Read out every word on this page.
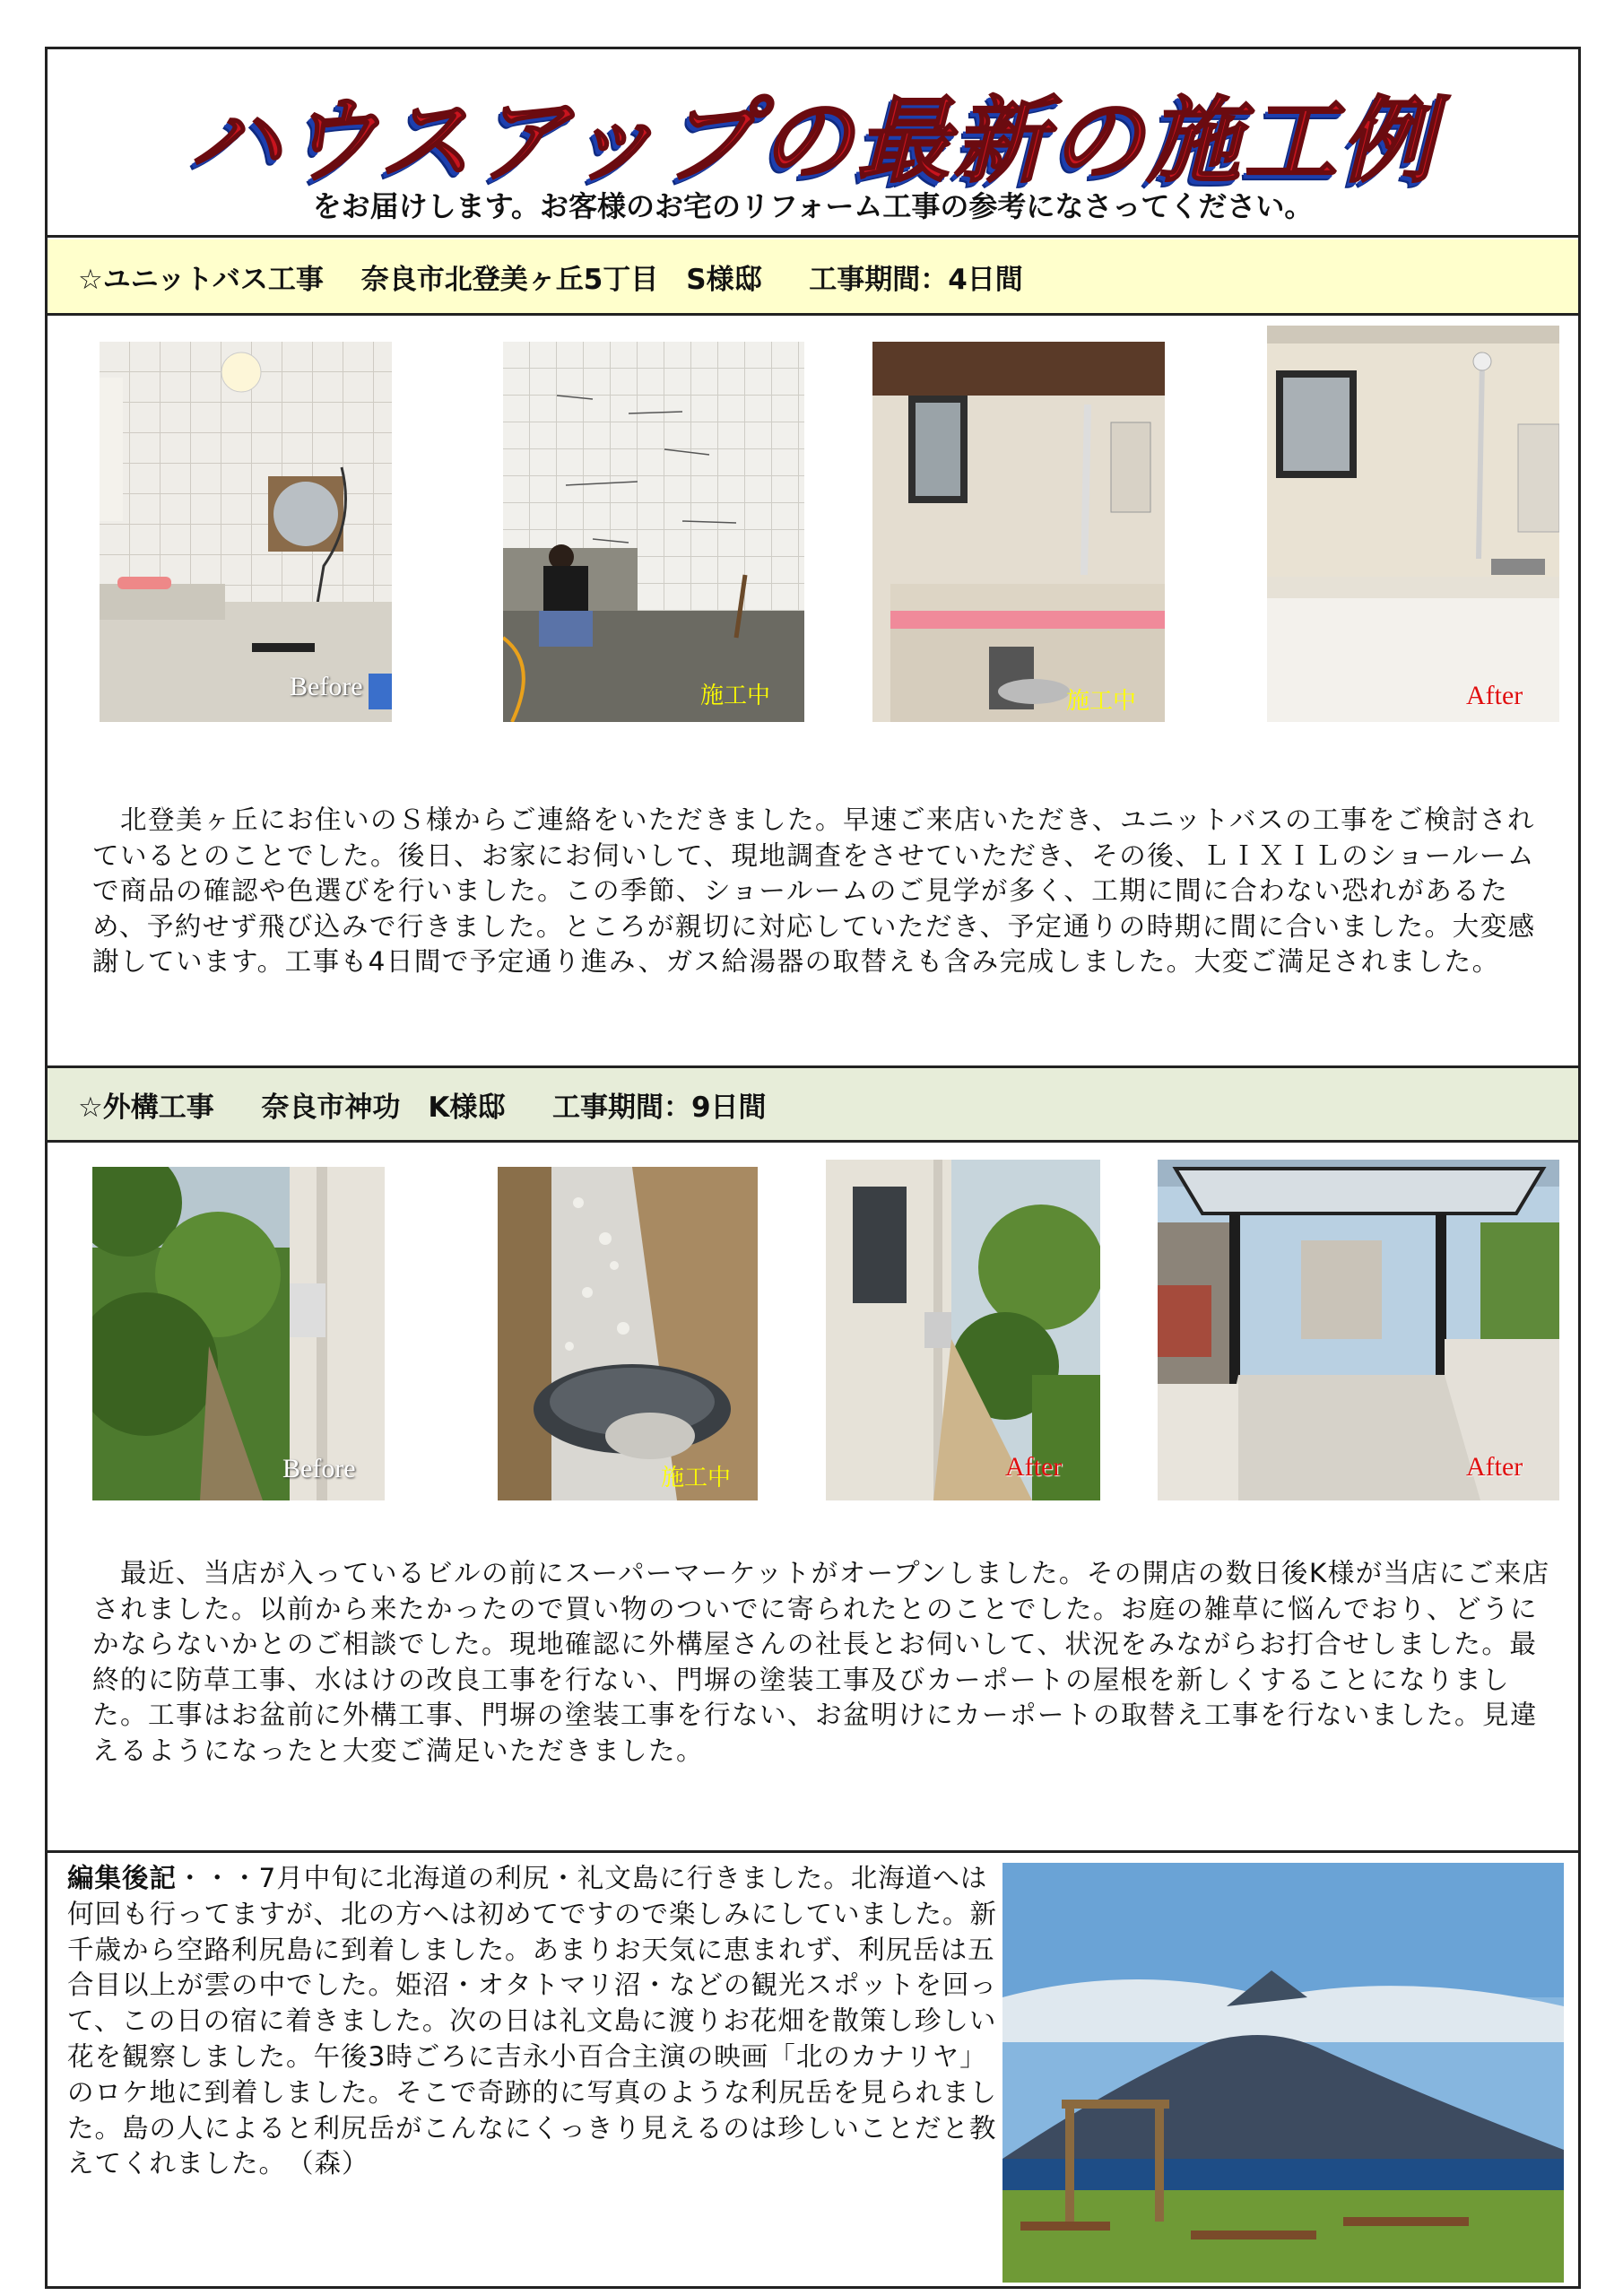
ハウスアップの最新の施工例
をお届けします。お客様のお宅のリフォーム工事の参考になさってください。
☆ユニットバス工事　 奈良市北登美ヶ丘5丁目　S様邸 　 工事期間：4日間
Before	施工中	施工中	After
　北登美ヶ丘にお住いのＳ様からご連絡をいただきました。早速ご来店いただき、ユニットバスの工事をご検討されているとのことでした。後日、お家にお伺いして、現地調査をさせていただき、その後、ＬＩＸＩＬのショールームで商品の確認や色選びを行いました。この季節、ショールームのご見学が多く、工期に間に合わない恐れがあるため、予約せず飛び込みで行きました。ところが親切に対応していただき、予定通りの時期に間に合いました。大変感謝しています。工事も4日間で予定通り進み、ガス給湯器の取替えも含み完成しました。大変ご満足されました。
☆外構工事 　 奈良市神功　K様邸 　 工事期間：9日間
Before	施工中	After	After
　最近、当店が入っているビルの前にスーパーマーケットがオープンしました。その開店の数日後K様が当店にご来店されました。以前から来たかったので買い物のついでに寄られたとのことでした。お庭の雑草に悩んでおり、どうにかならないかとのご相談でした。現地確認に外構屋さんの社長とお伺いして、状況をみながらお打合せしました。最終的に防草工事、水はけの改良工事を行ない、門塀の塗装工事及びカーポートの屋根を新しくすることになりました。工事はお盆前に外構工事、門塀の塗装工事を行ない、お盆明けにカーポートの取替え工事を行ないました。見違えるようになったと大変ご満足いただきました。
編集後記・・・7月中旬に北海道の利尻・礼文島に行きました。北海道へは何回も行ってますが、北の方へは初めてですので楽しみにしていました。新千歳から空路利尻島に到着しました。あまりお天気に恵まれず、利尻岳は五合目以上が雲の中でした。姫沼・オタトマリ沼・などの観光スポットを回って、この日の宿に着きました。次の日は礼文島に渡りお花畑を散策し珍しい花を観察しました。午後3時ごろに吉永小百合主演の映画「北のカナリヤ」のロケ地に到着しました。そこで奇跡的に写真のような利尻岳を見られました。島の人によると利尻岳がこんなにくっきり見えるのは珍しいことだと教えてくれました。　（森）
